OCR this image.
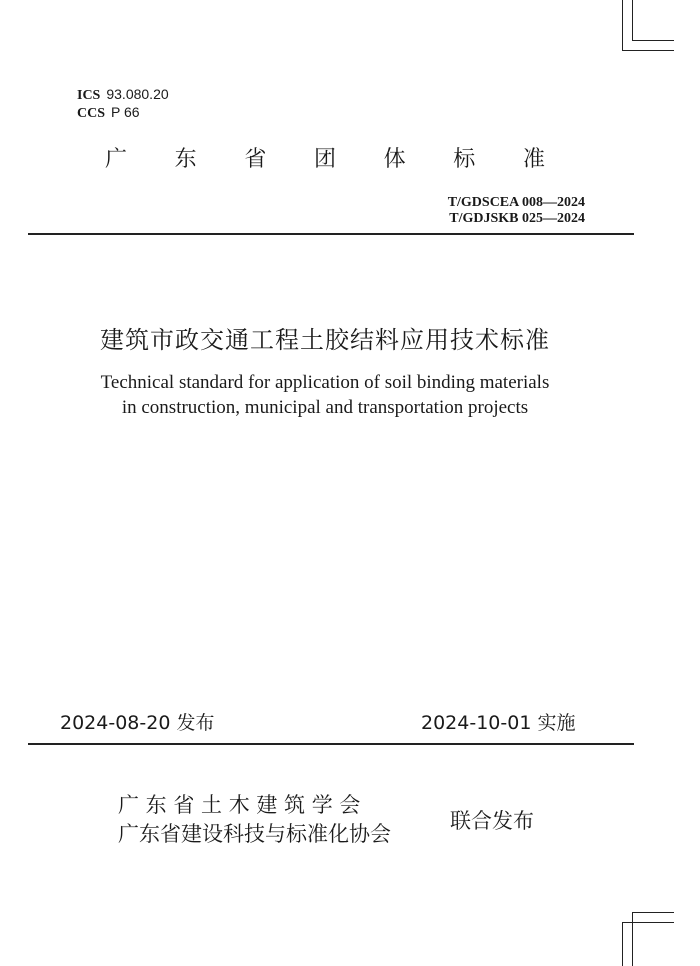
ICS 93.080.20
CCS P 66
广 东 省 团 体 标 准
T/GDSCEA 008—2024
T/GDJSKB 025—2024
建筑市政交通工程土胶结料应用技术标准
Technical standard for application of soil binding materials
in construction, municipal and transportation projects
2024-08-20 发布	2024-10-01 实施
广 东 省 土 木 建 筑 学 会
广东省建设科技与标准化协会
联合发布
